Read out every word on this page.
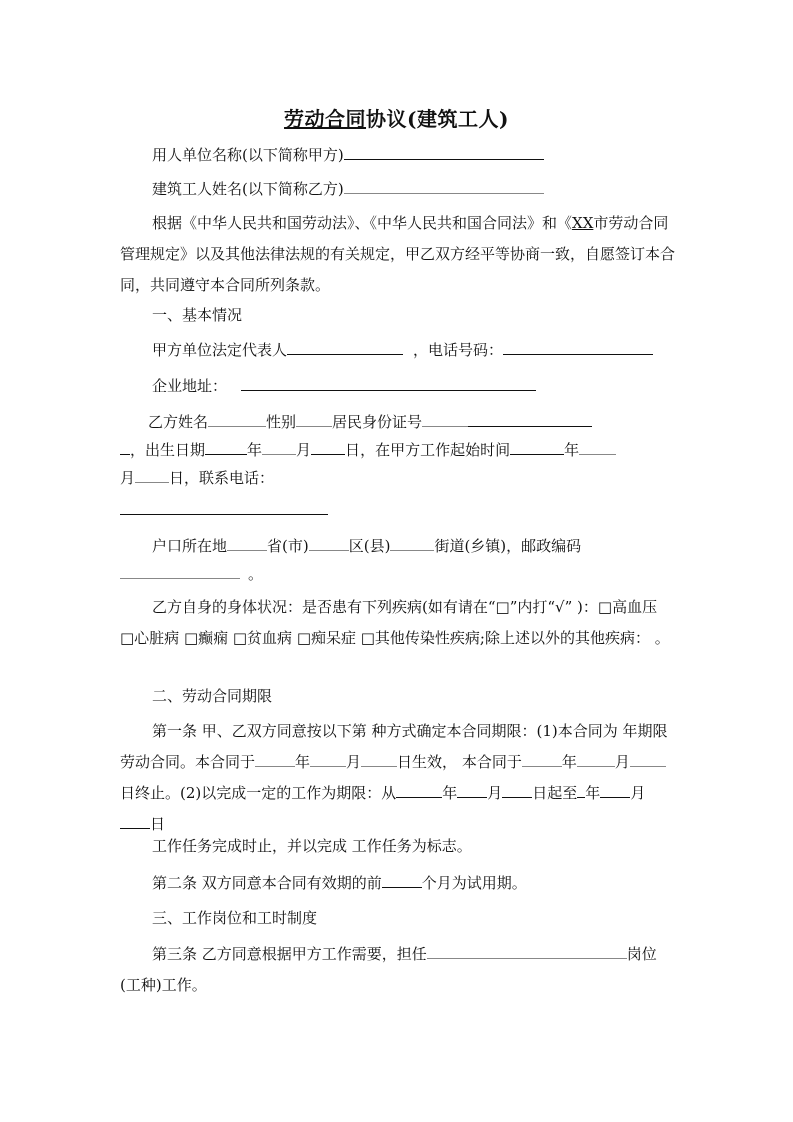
劳动合同协议(建筑工人)
用人单位名称(以下简称甲方)
建筑工人姓名(以下简称乙方)
根据《中华人民共和国劳动法》、《中华人民共和国合同法》和《XX市劳动合同管理规定》以及其他法律法规的有关规定，甲乙双方经平等协商一致，自愿签订本合同，共同遵守本合同所列条款。
一、基本情况
甲方单位法定代表人	，电话号码：
企业地址：
乙方姓名	性别 居民身份证号
，出生日期	年 月 日，在甲方工作起始时间	年
月 日，联系电话：
户口所在地	省(市)	区(县)	街道(乡镇)，邮政编码
。
乙方自身的身体状况：是否患有下列疾病(如有请在“□”内打“√” )：□高血压 □心脏病 □癫痫 □贫血病 □痴呆症 □其他传染性疾病;除上述以外的其他疾病： 。
二、劳动合同期限
第一条 甲、乙双方同意按以下第 种方式确定本合同期限：(1)本合同为 年期限劳动合同。本合同于	年 月 日生效， 本合同于	年	月日终止。(2)以完成一定的工作为期限：从	年 月 日起至 年 月日
工作任务完成时止，并以完成 工作任务为标志。
第二条 双方同意本合同有效期的前	个月为试用期。
三、工作岗位和工时制度
第三条 乙方同意根据甲方工作需要，担任	岗位(工种)工作。
